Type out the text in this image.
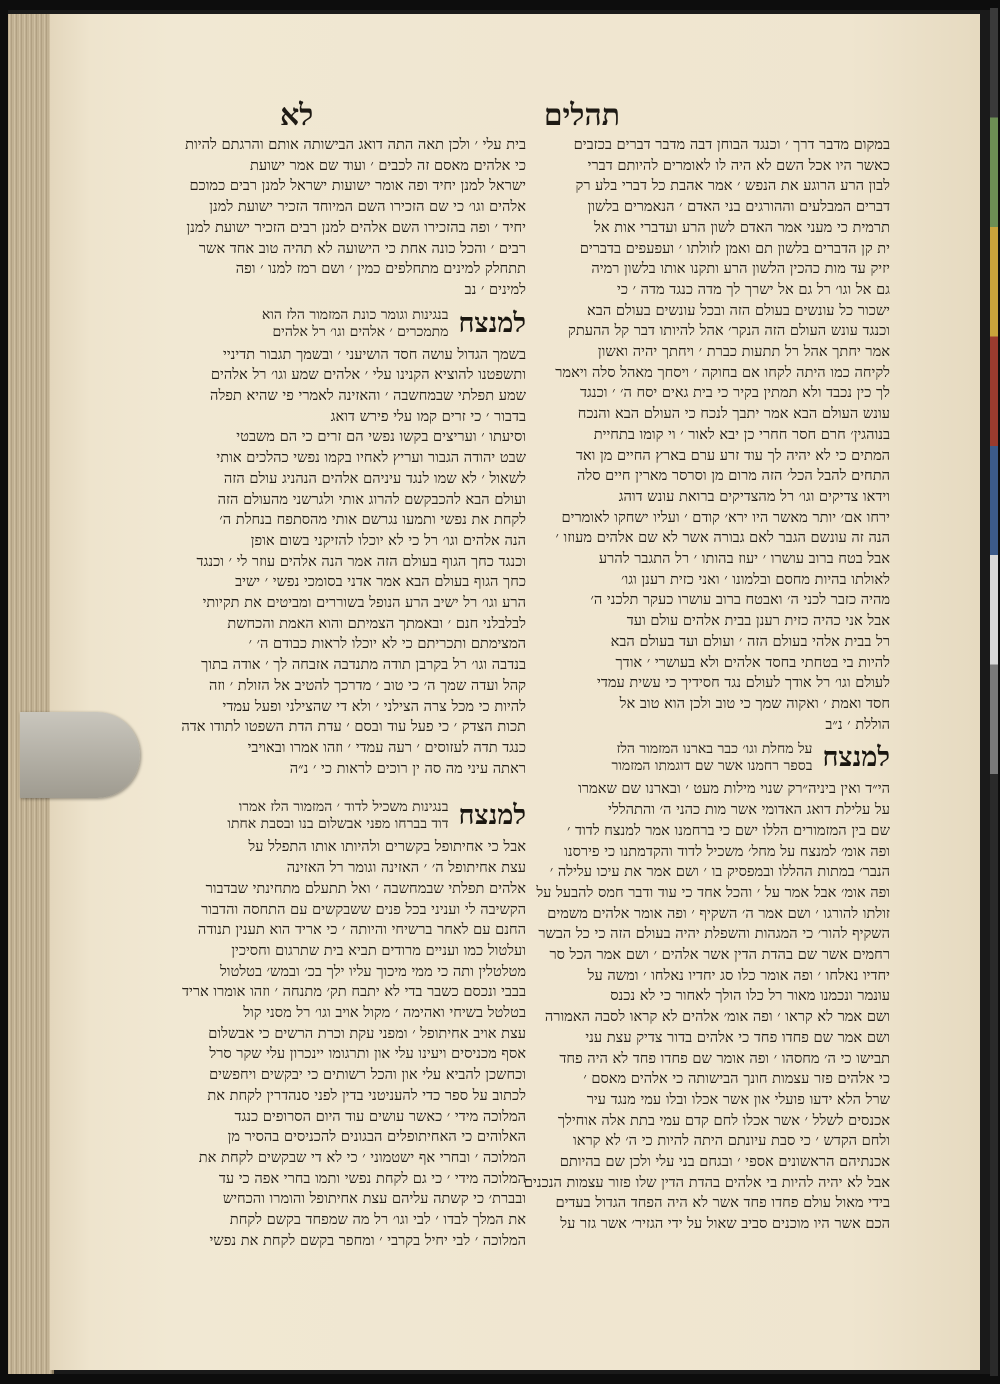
תהלים
לא
במקום מדבר דרך ׳ וכנגד הבוחן דבה מדבר דברים בכזבים
כאשר היו אכל השם לא היה לו לאומרים להיותם דברי
לבון הרע הרוגע את הנפש ׳ אמר אהבת כל דברי בלע רק
דברים המבלעים וההורגים בני האדם ׳ הנאמרים בלשון
תרמית כי מעני אמר האדם לשון הרע ועדברי אות אל
ית קן הדברים בלשון תם ואמן לזולתו ׳ ועפעפים בדברים
יזיק עד מות כהכין הלשון הרע ותקנו אותו בלשון רמיה
גם אל וגו׳ רל גם אל ישרך לך מדה כנגד מדה ׳ כי
ישכור כל עונשים בעולם הזה ובכל עונשים בעולם הבא
וכנגד עונש העולם הזה הנקר׳ אהל להיותו דבר קל ההעתק
אמר יחתך אהל רל תתעות כברת ׳ ויחתך יהיה ואשון
לקיחה כמו היתה לקחו אם בחוקה ׳ ויסחך מאהל סלה ויאמר
לך כין נכבד ולא תמתין בקיר כי בית גאים יסח ה׳ ׳ וכנגד
עונש העולם הבא אמר יתבך לנכח כי העולם הבא והנכח
בנוהגין׳ חרם חסר חחרי כן יבא לאור ׳ וי קומו בתחיית
המתים כי לא יהיה לך עוד זרע ערם בארץ החיים מן ואד
התחים להבל הכל׳ הזה מרום מן וסרסר מארין חיים סלה
וידאו צדיקים וגו׳ רל מהצדיקים ברואת עונש דוהג
ירחו אם׳ יותר מאשר היו ירא׳ קודם ׳ ועליו ישחקו לאומרים
הנה זה עונשם הגבר לאם גבורה אשר לא שם אלהים מעוזו ׳
אבל בטח ברוב עושרו ׳ יעוז בהותו ׳ רל התגבר להרע
לאולתו בהיות מחסם ובלמונו ׳ ואני כזית רענן וגו׳
מהיה כזבר לכני ה׳ ואבטח ברוב עושרו כעקר תלכני ה׳
אבל אני כהיה כזית רענן בבית אלהים עולם ועד
רל בבית אלהי בעולם הזה ׳ ועולם ועד בעולם הבא
להיות בי בטחתי בחסד אלהים ולא בעושרי ׳ אודך
לעולם וגו׳ רל אודך לעולם נגד חסידיך כי עשית עמדי
חסד ואמת ׳ ואקוה שמך כי טוב ולכן הוא טוב אל
הוללת ׳ נ״ב
למנצח
על מחלת וגו׳ כבר בארנו המזמור הלז
בספר רחמנו אשר שם דוגמתו המזמור
הי״ד ואין ביניה״רק שנוי מילות מעט ׳ ובארנו שם שאמרו
על עלילת דואג האדומי אשר מות כהני ה׳ והתהללי
שם בין המזמורים הללו ישם כי ברחמנו אמר למנצח לדוד ׳
ופה אומ׳ למנצח על מחל׳ משכיל לדוד והקדמתנו כי פירסנו
הנבר׳ במתות ההללו ובמפסיק בו ׳ ושם אמר את עיכו עלילה ׳
ופה אומ׳ אבל אמר על ׳ והכל אחד כי עוד ודבר חמס להבעל על
זולתו להורגו ׳ ושם אמר ה׳ השקיף ׳ ופה אומר אלהים משמים
השקיף להור׳ כי המגהות והשפלת יהיה בעולם הזה כי כל הבשר
רחמים אשר שם בהדת הדין אשר אלהים ׳ ושם אמר הכל סר
יחדיו נאלחו ׳ ופה אומר כלו סג יחדיו נאלחו ׳ ומשה על
עונמר ונכמנו מאור רל כלו הולך לאחור כי לא נכנס
ושם אמר לא קראו ׳ ופה אומ׳ אלהים לא קראו לסבה האמורה
ושם אמר שם פחדו פחד כי אלהים בדור צדיק עצת עני
תבישו כי ה׳ מחסהו ׳ ופה אומר שם פחדו פחד לא היה פחד
כי אלהים פזר עצמות חונך הבישותה כי אלהים מאסם ׳
שרל הלא ידעו פועלי און אשר אכלו ובלו עמי מנגד עיר
אכנסים לשלל ׳ אשר אכלו לחם קדם עמי בתת אלה אוחילך
ולחם הקדש ׳ כי סבת עיונתם היתה להיות כי ה׳ לא קראו
אכנתיהם הראשונים אספי ׳ ובגחם בני עלי ולכן שם בהיותם
אבל לא יהיה להיות בי אלהים בהדת הדין שלו פזור עצמות הנכנים
בידי מאול עולם פחדו פחד אשר לא היה הפחד הגדול בעדים
הכם אשר היו מוכנים סביב שאול על ידי הגזיר׳ אשר גזר על
בית עלי ׳ ולכן תאה התה דואג הבישותה אותם והרגתם להיות
כי אלהים מאסם זה לכבים ׳ ועוד שם אמר ישועת
ישראל למנן יחיד ופה אומר ישועות ישראל למנן רבים כמוכם
אלהים וגו׳ כי שם הזכירו השם המיוחד הזכיר ישועת למנן
יחיד ׳ ופה בהזכירו השם אלהים למנן רבים הזכיר ישועת למנן
רבים ׳ והכל כונה אחת כי הישועה לא תהיה טוב אחד אשר
תתחלק למינים מתחלפים כמין ׳ ושם רמז למנו ׳ ופה
למינים ׳ נב
למנצח
בנגינות וגומר כונת המזמור הלז הוא
מתמכרים ׳ אלהים וגו׳ רל אלהים
בשמך הגדול עושה חסד הושיעני ׳ ובשמך תגבור תדיניי
ותשפטנו להוציא הקנינו עלי ׳ אלהים שמע וגו׳ רל אלהים
שמע תפלתי שבמחשבה ׳ והאזינה לאמרי פי שהיא תפלה
בדבור ׳ כי זרים קמו עלי פירש דואג
וסיעתו ׳ ועריצים בקשו נפשי הם זרים כי הם משבטי
שבט יהודה הגבור ועריץ לאחיו בקמו נפשי כהלכים אותי
לשאול ׳ לא שמו לנגד עיניהם אלהים הנהניג עולם הזה
ועולם הבא להכבקשם להרוג אותי ולגרשני מהעולם הזה
לקחת את נפשי ותמעו נגרשם אותי מהסתפח בנחלת ה׳
הנה אלהים וגו׳ רל כי לא יוכלו להזיקני בשום אופן
וכנגד כחך הגוף בעולם הזה אמר הנה אלהים עוזר לי ׳ וכנגד
כחך הגוף בעולם הבא אמר אדני בסומכי נפשי ׳ ישיב
הרע וגו׳ רל ישיב הרע הנופל בשוררים ומביטים את תקיותי
לבלבלני חנם ׳ ובאמתך הצמיתם והוא האמת והכחשת
המצימתם ותכריתם כי לא יוכלו לראות כבודם ה׳ ׳
בנדבה וגו׳ רל בקרבן תודה מתנדבה אזבחה לך ׳ אודה בתוך
קהל ועדה שמך ה׳ כי טוב ׳ מדרכך להטיב אל הזולת ׳ וזה
להיות כי מכל צרה הצילני ׳ ולא די שהצילני ופעל עמדי
תכות הצדק ׳ כי פעל עוד ובסם ׳ עדת הדת השפטו לתודו אדה
כנגד תדה לעזוסים ׳ רעה עמדי ׳ וזהו אמרו ובאויבי
ראתה עיני מה סה ין רוכים לראות כי ׳ נ״ה
למנצח
בנגינות משכיל לדוד ׳ המזמור הלז אמרו
דוד בברחו מפני אבשלום בנו ובסבת אחתו
אבל כי אחיתופל בקשרים ולהיותו אותו התפלל על
עצת אחיתופל ה׳ ׳ האזינה וגומר רל האזינה
אלהים תפלתי שבמחשבה ׳ ואל תתעלם מתחינתי שבדבור
הקשיבה לי ועניני בכל פנים ששבקשים עם התחסה והדבור
החנם עם לאחר ברשיחי והיותה ׳ כי אריד הוא תענין תנודה
ועלטול כמו ועניים מרודים תביא בית שתרגום וחסיכין
מטלטלין ותה כי ממי מיכוך עליו ילך בכ׳ ובמש׳ בטלטול
בבבי ונכסם כשבר בדי לא יתבח תק׳ מתנחה ׳ וזהו אומרו אריד
בטלטל בשיחי ואהימה ׳ מקול אויב וגו׳ רל מסני קול
עצת אויב אחיתופל ׳ ומפני עקת וכרת הרשים כי אבשלום
אסף מכניסים ויעינו עלי און ותרגומו יינכרון עלי שקר סרל
וכחשכן להביא עלי און והכל רשותים כי יבקשים ויחפשים
לכתוב על ספר כדי להעניטני בדין לפני סנהדרין לקחת את
המלוכה מידי ׳ כאשר עושים עוד היום הסרופים כנגד
האלוהים כי האחיתופלים הבגונים להכניסים בהסיר מן
המלוכה ׳ ובחרי אף ישטמוני ׳ כי לא די שבקשים לקחת את
המלוכה מידי ׳ כי גם לקחת נפשי ותמו בחרי אפה כי עד
ובברת׳ כי קשתה עליהם עצת אחיתופל והומרו והכחיש
את המלך לבדו ׳ לבי וגו׳ רל מה שמפחד בקשם לקחת
המלוכה ׳ לבי יחיל בקרבי ׳ ומחפר בקשם לקחת את נפשי
